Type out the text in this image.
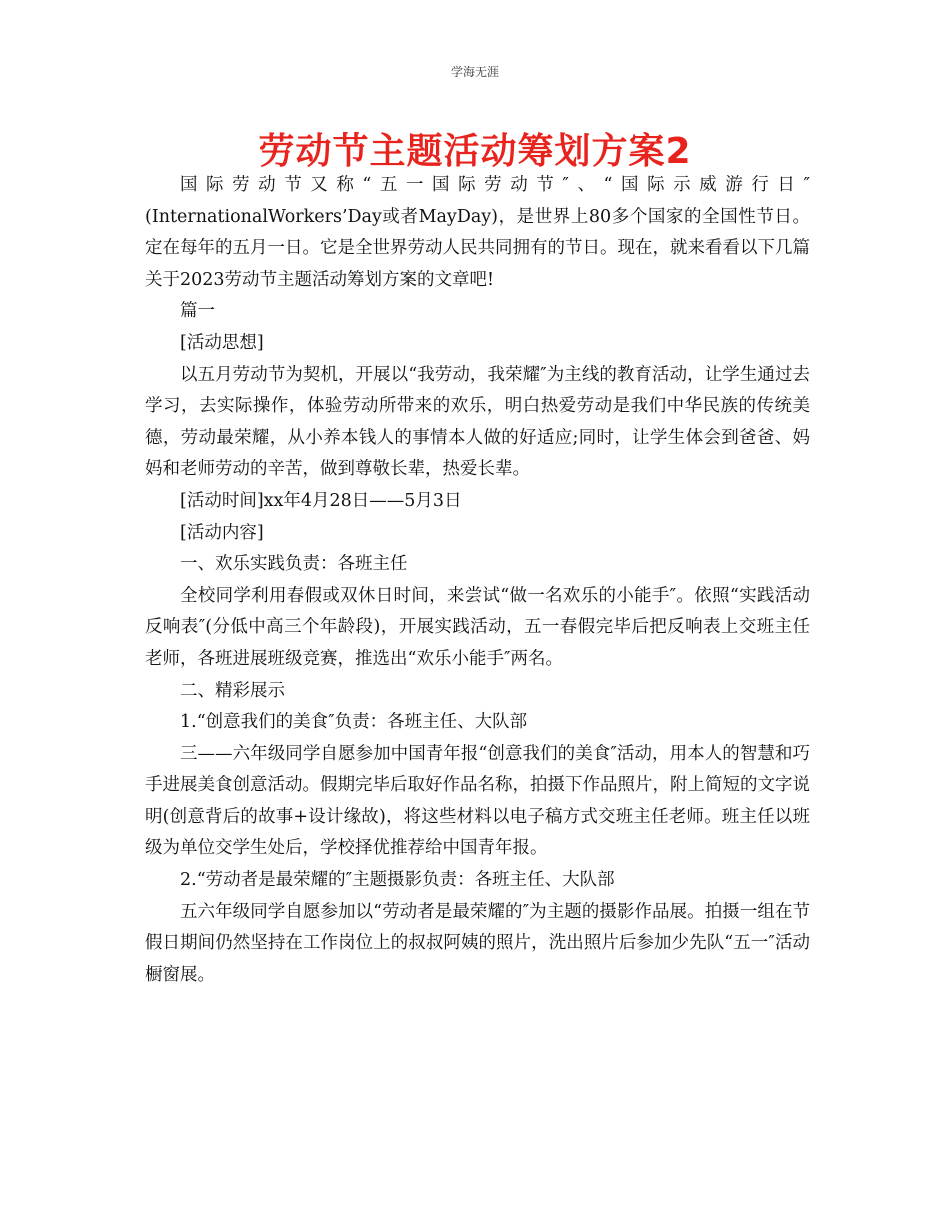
学海无涯
劳动节主题活动筹划方案2

国际劳动节又称“五一国际劳动节″、“国际示威游行日″(InternationalWorkers’Day或者MayDay)，是世界上80多个国家的全国性节日。定在每年的五月一日。它是全世界劳动人民共同拥有的节日。现在，就来看看以下几篇关于2023劳动节主题活动筹划方案的文章吧!

篇一

[活动思想]

以五月劳动节为契机，开展以“我劳动，我荣耀″为主线的教育活动，让学生通过去学习，去实际操作，体验劳动所带来的欢乐，明白热爱劳动是我们中华民族的传统美德，劳动最荣耀，从小养本钱人的事情本人做的好适应;同时，让学生体会到爸爸、妈妈和老师劳动的辛苦，做到尊敬长辈，热爱长辈。

[活动时间]xx年4月28日——5月3日

[活动内容]

一、欢乐实践负责：各班主任

全校同学利用春假或双休日时间，来尝试“做一名欢乐的小能手″。依照“实践活动反响表″(分低中高三个年龄段)，开展实践活动，五一春假完毕后把反响表上交班主任老师，各班进展班级竞赛，推选出“欢乐小能手″两名。

二、精彩展示

1.“创意我们的美食″负责：各班主任、大队部

三——六年级同学自愿参加中国青年报“创意我们的美食″活动，用本人的智慧和巧手进展美食创意活动。假期完毕后取好作品名称，拍摄下作品照片，附上简短的文字说明(创意背后的故事+设计缘故)，将这些材料以电子稿方式交班主任老师。班主任以班级为单位交学生处后，学校择优推荐给中国青年报。

2.“劳动者是最荣耀的″主题摄影负责：各班主任、大队部

五六年级同学自愿参加以“劳动者是最荣耀的″为主题的摄影作品展。拍摄一组在节假日期间仍然坚持在工作岗位上的叔叔阿姨的照片，洗出照片后参加少先队“五一″活动橱窗展。
